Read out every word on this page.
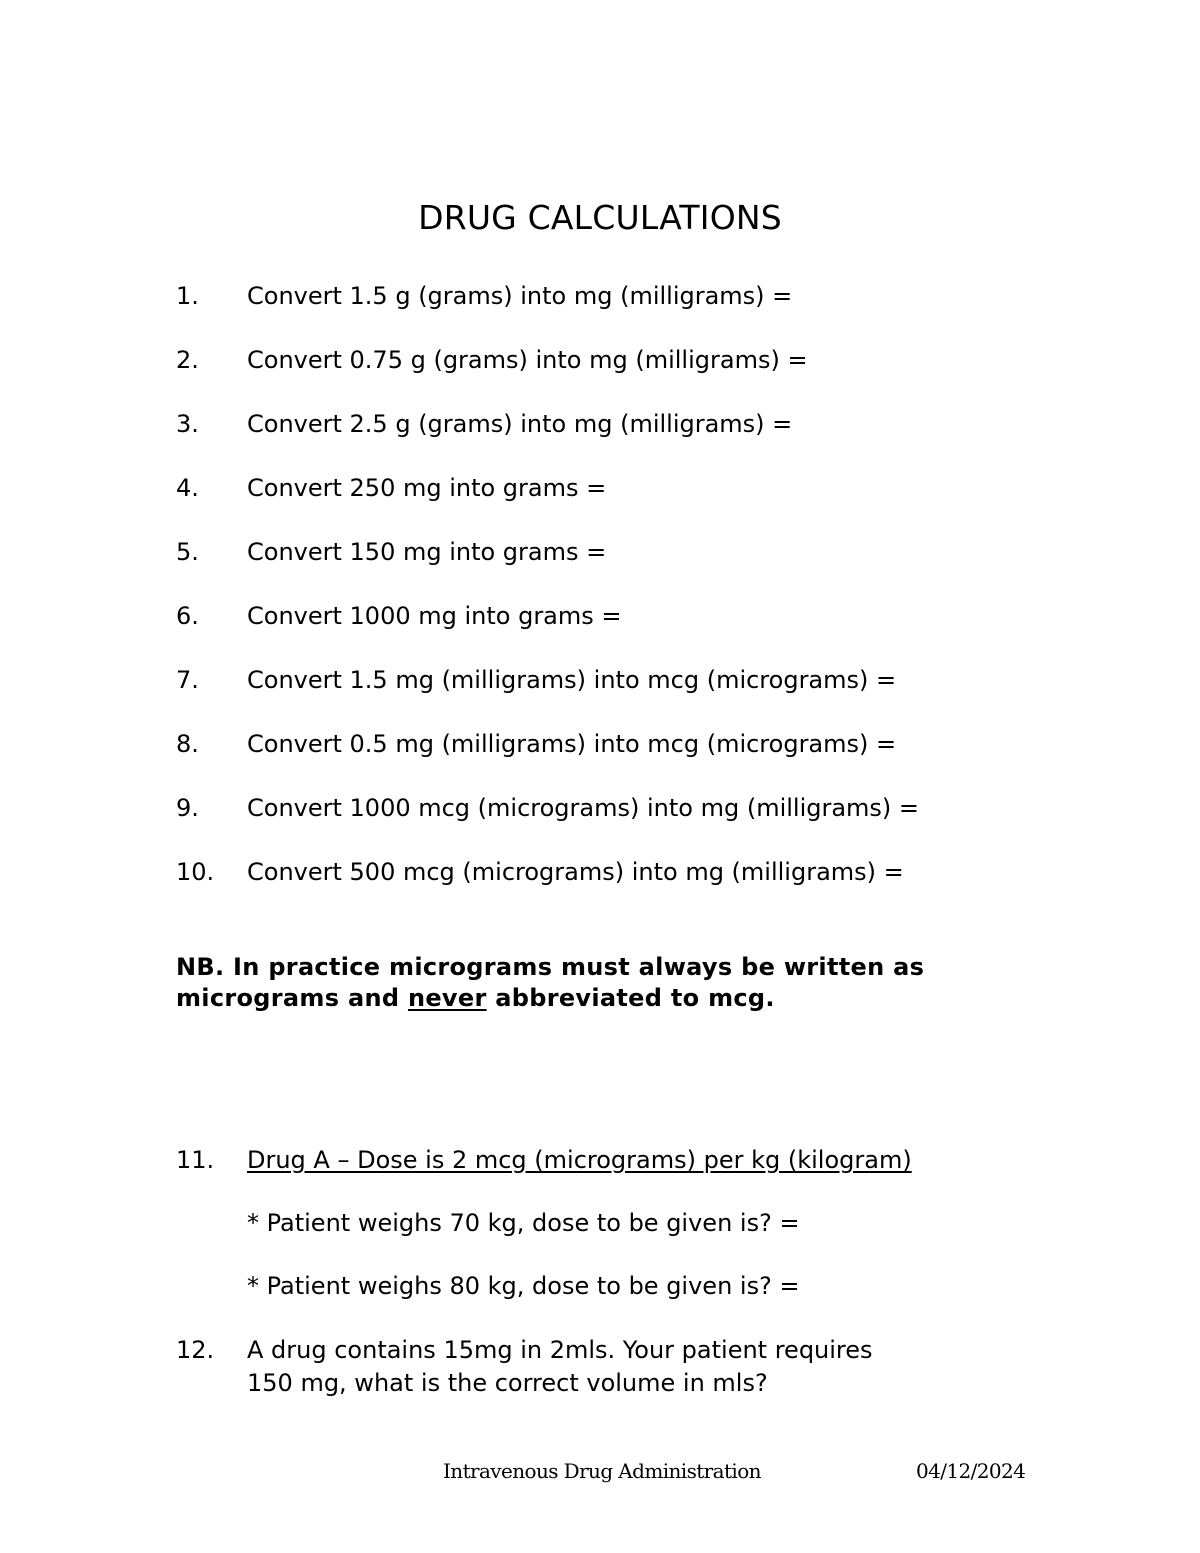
DRUG CALCULATIONS
1. Convert 1.5 g (grams) into mg (milligrams) =
2. Convert 0.75 g (grams) into mg (milligrams) =
3. Convert 2.5 g (grams) into mg (milligrams) =
4. Convert 250 mg into grams =
5. Convert 150 mg into grams =
6. Convert 1000 mg into grams =
7. Convert 1.5 mg (milligrams) into mcg (micrograms) =
8. Convert 0.5 mg (milligrams) into mcg (micrograms) =
9. Convert 1000 mcg (micrograms) into mg (milligrams) =
10. Convert 500 mcg (micrograms) into mg (milligrams) =
NB. In practice micrograms must always be written as micrograms and never abbreviated to mcg.
11. Drug A – Dose is 2 mcg (micrograms) per kg (kilogram)
* Patient weighs 70 kg, dose to be given is? =
* Patient weighs 80 kg, dose to be given is? =
12. A drug contains 15mg in 2mls. Your patient requires
150 mg, what is the correct volume in mls?
Intravenous Drug Administration	04/12/2024
